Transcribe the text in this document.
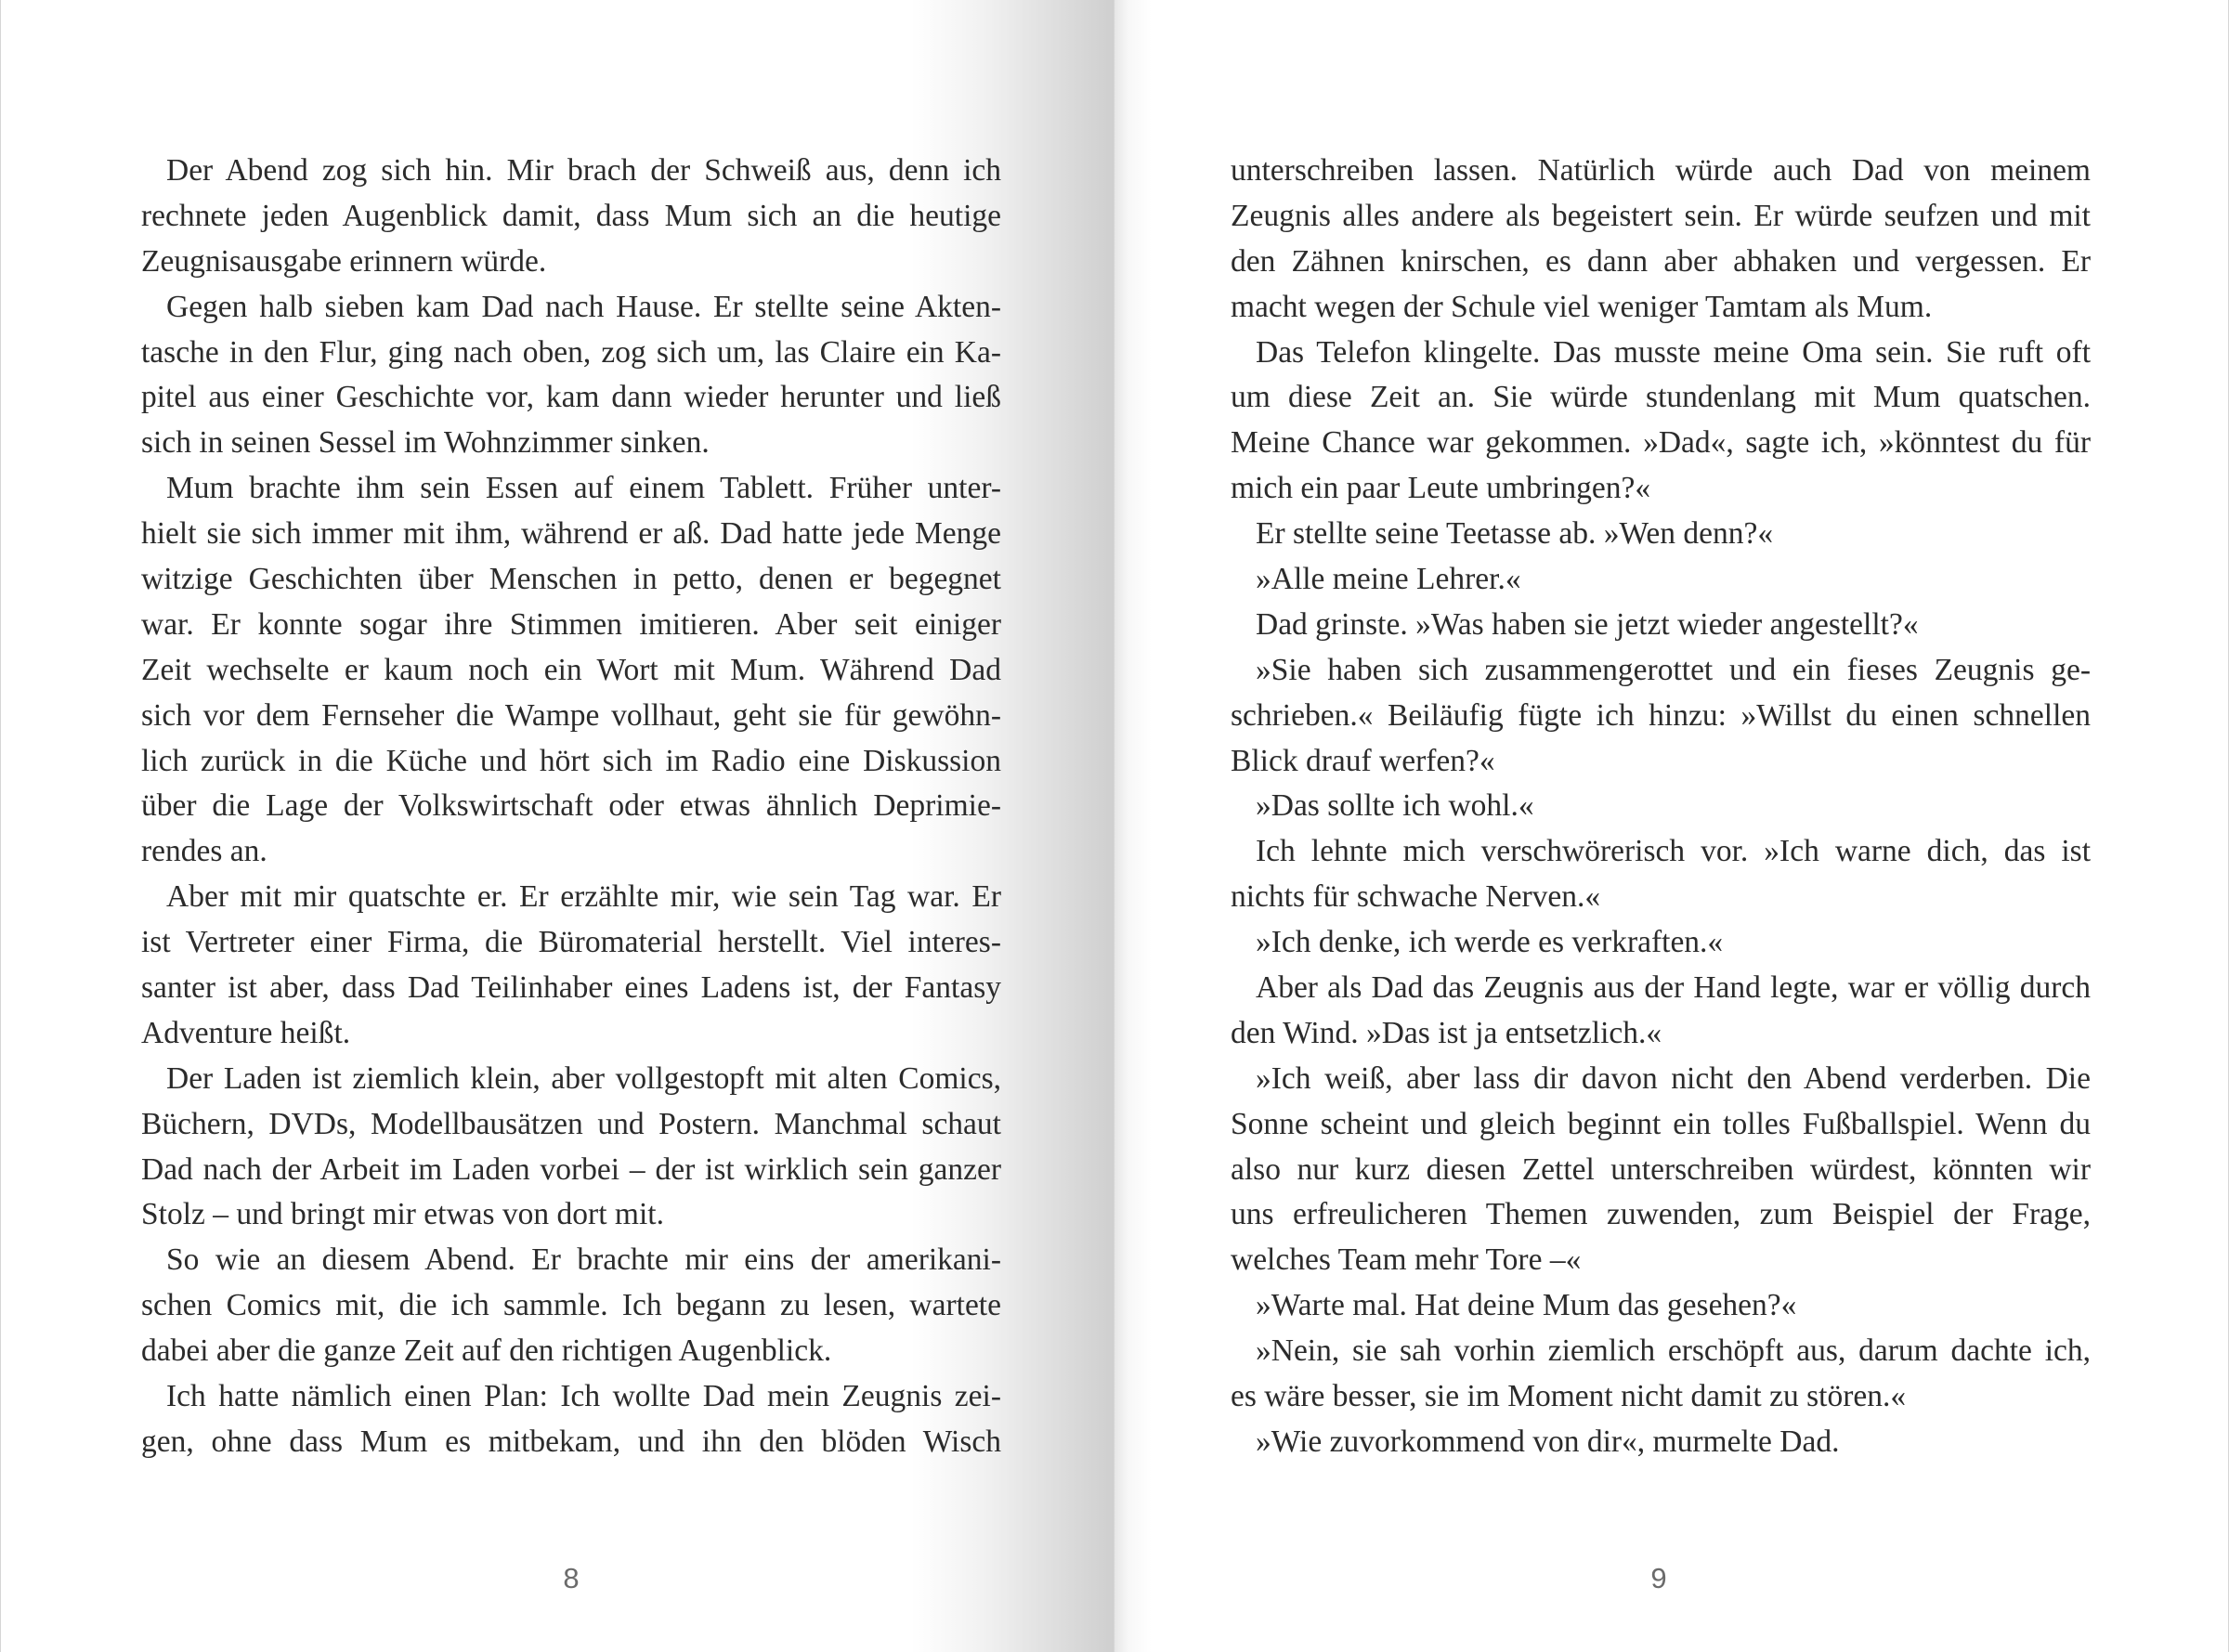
Der Abend zog sich hin. Mir brach der Schweiß aus, denn ich
rechnete jeden Augenblick damit, dass Mum sich an die heutige
Zeugnisausgabe erinnern würde.
Gegen halb sieben kam Dad nach Hause. Er stellte seine Akten-
tasche in den Flur, ging nach oben, zog sich um, las Claire ein Ka-
pitel aus einer Geschichte vor, kam dann wieder herunter und ließ
sich in seinen Sessel im Wohnzimmer sinken.
Mum brachte ihm sein Essen auf einem Tablett. Früher unter-
hielt sie sich immer mit ihm, während er aß. Dad hatte jede Menge
witzige Geschichten über Menschen in petto, denen er begegnet
war. Er konnte sogar ihre Stimmen imitieren. Aber seit einiger
Zeit wechselte er kaum noch ein Wort mit Mum. Während Dad
sich vor dem Fernseher die Wampe vollhaut, geht sie für gewöhn-
lich zurück in die Küche und hört sich im Radio eine Diskussion
über die Lage der Volkswirtschaft oder etwas ähnlich Deprimie-
rendes an.
Aber mit mir quatschte er. Er erzählte mir, wie sein Tag war. Er
ist Vertreter einer Firma, die Büromaterial herstellt. Viel interes-
santer ist aber, dass Dad Teilinhaber eines Ladens ist, der Fantasy
Adventure heißt.
Der Laden ist ziemlich klein, aber vollgestopft mit alten Comics,
Büchern, DVDs, Modellbausätzen und Postern. Manchmal schaut
Dad nach der Arbeit im Laden vorbei – der ist wirklich sein ganzer
Stolz – und bringt mir etwas von dort mit.
So wie an diesem Abend. Er brachte mir eins der amerikani-
schen Comics mit, die ich sammle. Ich begann zu lesen, wartete
dabei aber die ganze Zeit auf den richtigen Augenblick.
Ich hatte nämlich einen Plan: Ich wollte Dad mein Zeugnis zei-
gen, ohne dass Mum es mitbekam, und ihn den blöden Wisch
8
unterschreiben lassen. Natürlich würde auch Dad von meinem
Zeugnis alles andere als begeistert sein. Er würde seufzen und mit
den Zähnen knirschen, es dann aber abhaken und vergessen. Er
macht wegen der Schule viel weniger Tamtam als Mum.
Das Telefon klingelte. Das musste meine Oma sein. Sie ruft oft
um diese Zeit an. Sie würde stundenlang mit Mum quatschen.
Meine Chance war gekommen. »Dad«, sagte ich, »könntest du für
mich ein paar Leute umbringen?«
Er stellte seine Teetasse ab. »Wen denn?«
»Alle meine Lehrer.«
Dad grinste. »Was haben sie jetzt wieder angestellt?«
»Sie haben sich zusammengerottet und ein fieses Zeugnis ge-
schrieben.« Beiläufig fügte ich hinzu: »Willst du einen schnellen
Blick drauf werfen?«
»Das sollte ich wohl.«
Ich lehnte mich verschwörerisch vor. »Ich warne dich, das ist
nichts für schwache Nerven.«
»Ich denke, ich werde es verkraften.«
Aber als Dad das Zeugnis aus der Hand legte, war er völlig durch
den Wind. »Das ist ja entsetzlich.«
»Ich weiß, aber lass dir davon nicht den Abend verderben. Die
Sonne scheint und gleich beginnt ein tolles Fußballspiel. Wenn du
also nur kurz diesen Zettel unterschreiben würdest, könnten wir
uns erfreulicheren Themen zuwenden, zum Beispiel der Frage,
welches Team mehr Tore –«
»Warte mal. Hat deine Mum das gesehen?«
»Nein, sie sah vorhin ziemlich erschöpft aus, darum dachte ich,
es wäre besser, sie im Moment nicht damit zu stören.«
»Wie zuvorkommend von dir«, murmelte Dad.
9
